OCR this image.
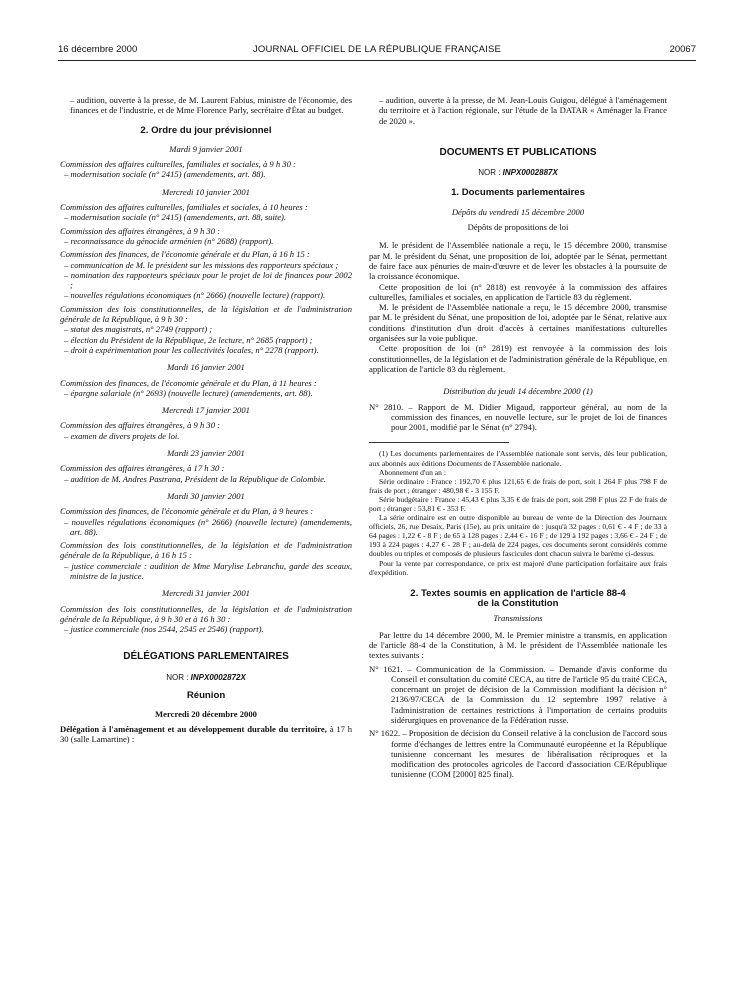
16 décembre 2000	JOURNAL OFFICIEL DE LA RÉPUBLIQUE FRANÇAISE	20067

– audition, ouverte à la presse, de M. Laurent Fabius, ministre de l'économie, des finances et de l'industrie, et de Mme Florence Parly, secrétaire d'État au budget.

2. Ordre du jour prévisionnel
Mardi 9 janvier 2001

Commission des affaires culturelles, familiales et sociales, à 9 h 30 :

– modernisation sociale (n° 2415) (amendements, art. 88).

Mercredi 10 janvier 2001

Commission des affaires culturelles, familiales et sociales, à 10 heures :

– modernisation sociale (n° 2415) (amendements, art. 88, suite).

Commission des affaires étrangères, à 9 h 30 :

– reconnaissance du génocide arménien (n° 2688) (rapport).

Commission des finances, de l'économie générale et du Plan, à 16 h 15 :

– communication de M. le président sur les missions des rapporteurs spéciaux ;

– nomination des rapporteurs spéciaux pour le projet de loi de finances pour 2002 ;

– nouvelles régulations économiques (n° 2666) (nouvelle lecture) (rapport).

Commission des lois constitutionnelles, de la législation et de l'administration générale de la République, à 9 h 30 :

– statut des magistrats, n° 2749 (rapport) ;

– élection du Président de la République, 2e lecture, n° 2685 (rapport) ;

– droit à expérimentation pour les collectivités locales, n° 2278 (rapport).

Mardi 16 janvier 2001

Commission des finances, de l'économie générale et du Plan, à 11 heures :

– épargne salariale (n° 2693) (nouvelle lecture) (amendements, art. 88).

Mercredi 17 janvier 2001

Commission des affaires étrangères, à 9 h 30 :

– examen de divers projets de loi.

Mardi 23 janvier 2001

Commission des affaires étrangères, à 17 h 30 :

– audition de M. Andres Pastrana, Président de la République de Colombie.

Mardi 30 janvier 2001

Commission des finances, de l'économie générale et du Plan, à 9 heures :

– nouvelles régulations économiques (n° 2666) (nouvelle lecture) (amendements, art. 88).

Commission des lois constitutionnelles, de la législation et de l'administration générale de la République, à 16 h 15 :

– justice commerciale : audition de Mme Marylise Lebranchu, garde des sceaux, ministre de la justice.

Mercredi 31 janvier 2001

Commission des lois constitutionnelles, de la législation et de l'administration générale de la République, à 9 h 30 et à 16 h 30 :

– justice commerciale (nos 2544, 2545 et 2546) (rapport).

DÉLÉGATIONS PARLEMENTAIRES
NOR : INPX0002872X
Réunion
Mercredi 20 décembre 2000

Délégation à l'aménagement et au développement durable du territoire, à 17 h 30 (salle Lamartine) :

– audition, ouverte à la presse, de M. Jean-Louis Guigou, délégué à l'aménagement du territoire et à l'action régionale, sur l'étude de la DATAR « Aménager la France de 2020 ».

DOCUMENTS ET PUBLICATIONS
NOR : INPX0002887X
1. Documents parlementaires
Dépôts du vendredi 15 décembre 2000
Dépôts de propositions de loi

M. le président de l'Assemblée nationale a reçu, le 15 décembre 2000, transmise par M. le président du Sénat, une proposition de loi, adoptée par le Sénat, permettant de faire face aux pénuries de main-d'œuvre et de lever les obstacles à la poursuite de la croissance économique.

Cette proposition de loi (n° 2818) est renvoyée à la commission des affaires culturelles, familiales et sociales, en application de l'article 83 du règlement.

M. le président de l'Assemblée nationale a reçu, le 15 décembre 2000, transmise par M. le président du Sénat, une proposition de loi, adoptée par le Sénat, relative aux conditions d'institution d'un droit d'accès à certaines manifestations culturelles organisées sur la voie publique.

Cette proposition de loi (n° 2819) est renvoyée à la commission des lois constitutionnelles, de la législation et de l'administration générale de la République, en application de l'article 83 du règlement.

Distribution du jeudi 14 décembre 2000 (1)

N° 2810. – Rapport de M. Didier Migaud, rapporteur général, au nom de la commission des finances, en nouvelle lecture, sur le projet de loi de finances pour 2001, modifié par le Sénat (n° 2794).

(1) Les documents parlementaires de l'Assemblée nationale sont servis, dès leur publication, aux abonnés aux éditions Documents de l'Assemblée nationale.

Abonnement d'un an :

Série ordinaire : France : 192,70 € plus 121,65 € de frais de port, soit 1 264 F plus 798 F de frais de port ; étranger : 480,98 € - 3 155 F.

Série budgétaire : France : 45,43 € plus 3,35 € de frais de port, soit 298 F plus 22 F de frais de port ; étranger : 53,81 € - 353 F.

La série ordinaire est en outre disponible au bureau de vente de la Direction des Journaux officiels, 26, rue Desaix, Paris (15e), au prix unitaire de : jusqu'à 32 pages : 0,61 € - 4 F ; de 33 à 64 pages : 1,22 € - 8 F ; de 65 à 128 pages : 2,44 € - 16 F ; de 129 à 192 pages : 3,66 € - 24 F ; de 193 à 224 pages : 4,27 € - 28 F ; au-delà de 224 pages, ces documents seront considérés comme doubles ou triples et composés de plusieurs fascicules dont chacun suivra le barème ci-dessus.

Pour la vente par correspondance, ce prix est majoré d'une participation forfaitaire aux frais d'expédition.

2. Textes soumis en application de l'article 88-4
de la Constitution
Transmissions

Par lettre du 14 décembre 2000, M. le Premier ministre a transmis, en application de l'article 88-4 de la Constitution, à M. le président de l'Assemblée nationale les textes suivants :

N° 1621. – Communication de la Commission. – Demande d'avis conforme du Conseil et consultation du comité CECA, au titre de l'article 95 du traité CECA, concernant un projet de décision de la Commission modifiant la décision n° 2136/97/CECA de la Commission du 12 septembre 1997 relative à l'administration de certaines restrictions à l'importation de certains produits sidérurgiques en provenance de la Fédération russe.

N° 1622. – Proposition de décision du Conseil relative à la conclusion de l'accord sous forme d'échanges de lettres entre la Communauté européenne et la République tunisienne concernant les mesures de libéralisation réciproques et la modification des protocoles agricoles de l'accord d'association CE/République tunisienne (COM [2000] 825 final).
